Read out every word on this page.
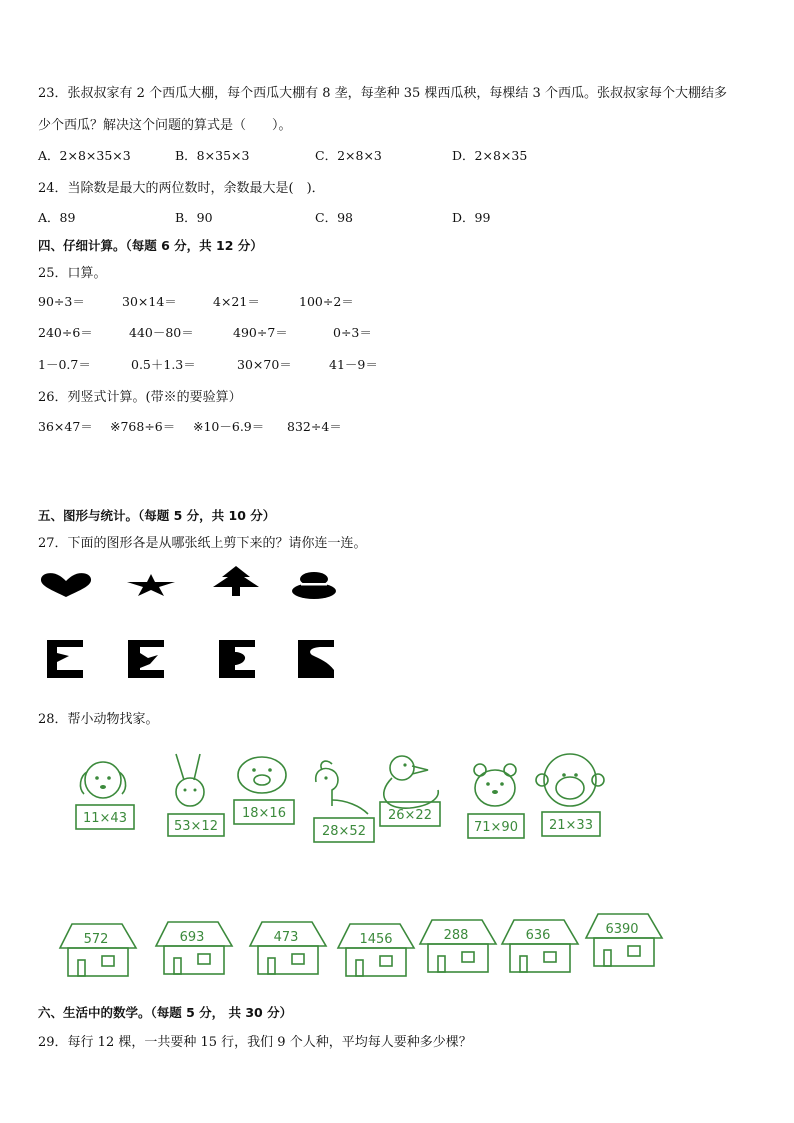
23．张叔叔家有 2 个西瓜大棚，每个西瓜大棚有 8 垄，每垄种 35 棵西瓜秧，每棵结 3 个西瓜。张叔叔家每个大棚结多
少个西瓜？解决这个问题的算式是（　　）。
A．2×8×35×3	B．8×35×3	C．2×8×3	D．2×8×35
24．当除数是最大的两位数时，余数最大是(　)．
A．89	B．90	C．98	D．99
四、仔细计算。（每题 6 分，共 12 分）
25．口算。
90÷3＝	30×14＝	4×21＝	100÷2＝
240÷6＝	440－80＝	490÷7＝	0÷3＝
1－0.7＝	0.5＋1.3＝	30×70＝	41－9＝
26．列竖式计算。(带※的要验算）
36×47＝ ※768÷6＝ ※10－6.9＝ 832÷4＝
五、图形与统计。（每题 5 分，共 10 分）
27．下面的图形各是从哪张纸上剪下来的？请你连一连。
28．帮小动物找家。
11×43
53×12
18×16
28×52
26×22
71×90 21×33
572	693	473	1456	288	636	6390
六、生活中的数学。（每题 5 分， 共 30 分）
29．每行 12 棵，一共要种 15 行，我们 9 个人种，平均每人要种多少棵？
